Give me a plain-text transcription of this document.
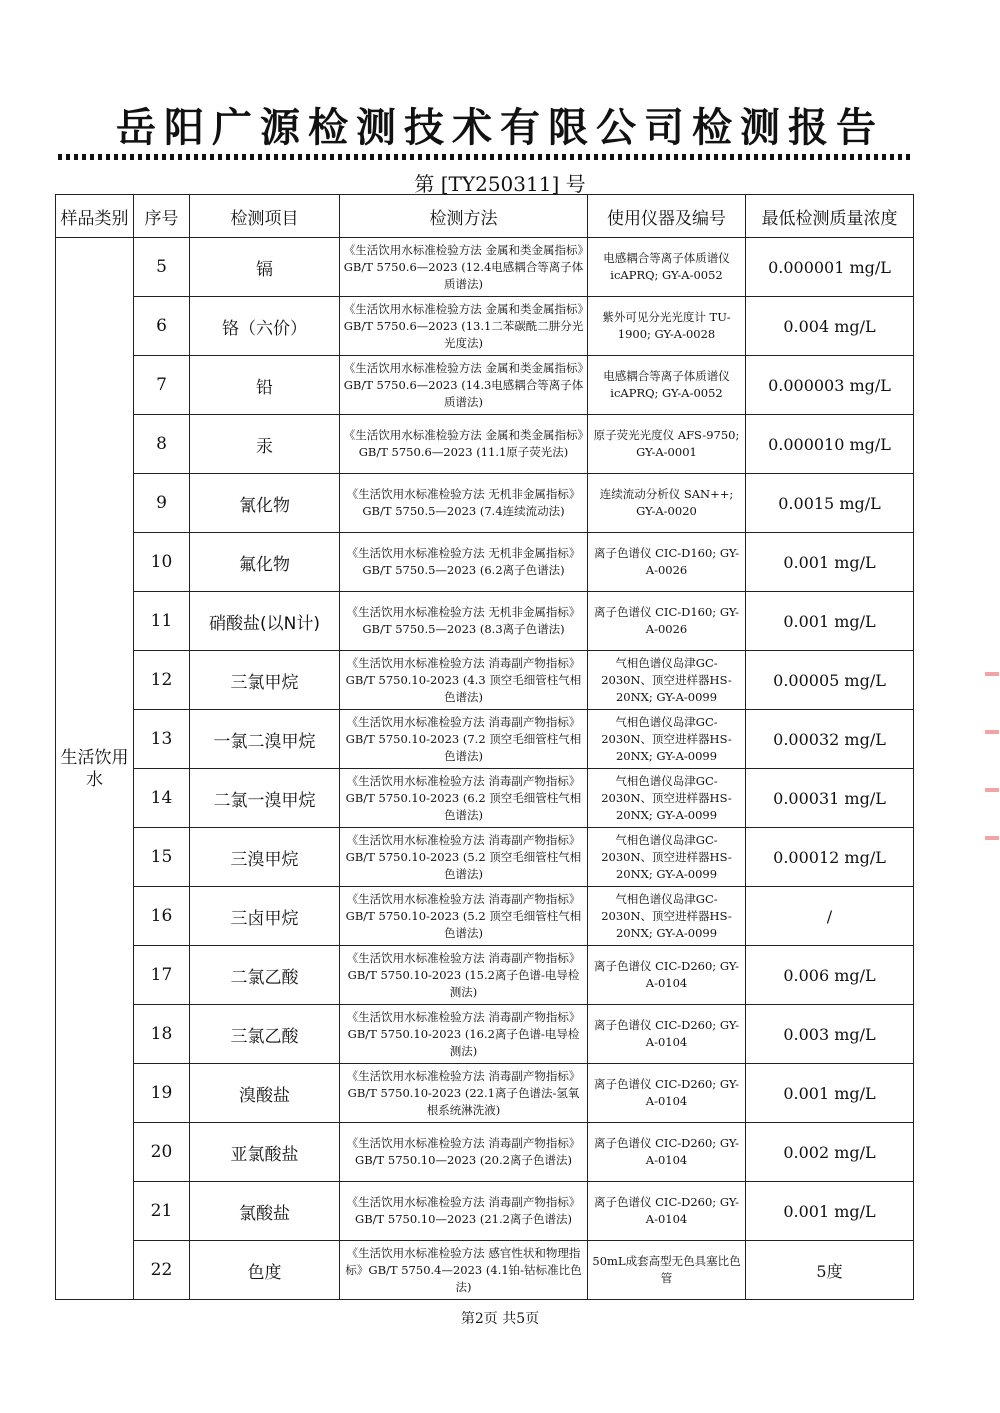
岳阳广源检测技术有限公司检测报告
第 [TY250311] 号
样品类别	序号	检测项目	检测方法	使用仪器及编号	最低检测质量浓度
生活饮用水	5	镉	《生活饮用水标准检验方法 金属和类金属指标》GB/T 5750.6—2023 (12.4电感耦合等离子体质谱法)	电感耦合等离子体质谱仪icAPRQ; GY-A-0052	0.000001 mg/L
	6	铬（六价）	《生活饮用水标准检验方法 金属和类金属指标》GB/T 5750.6—2023 (13.1二苯碳酰二肼分光光度法)	紫外可见分光光度计 TU-1900; GY-A-0028	0.004 mg/L
	7	铅	《生活饮用水标准检验方法 金属和类金属指标》GB/T 5750.6—2023 (14.3电感耦合等离子体质谱法)	电感耦合等离子体质谱仪icAPRQ; GY-A-0052	0.000003 mg/L
	8	汞	《生活饮用水标准检验方法 金属和类金属指标》GB/T 5750.6—2023 (11.1原子荧光法)	原子荧光光度仪 AFS-9750; GY-A-0001	0.000010 mg/L
	9	氰化物	《生活饮用水标准检验方法 无机非金属指标》GB/T 5750.5—2023 (7.4连续流动法)	连续流动分析仪 SAN++; GY-A-0020	0.0015 mg/L
	10	氟化物	《生活饮用水标准检验方法 无机非金属指标》GB/T 5750.5—2023 (6.2离子色谱法)	离子色谱仪 CIC-D160; GY-A-0026	0.001 mg/L
	11	硝酸盐(以N计)	《生活饮用水标准检验方法 无机非金属指标》GB/T 5750.5—2023 (8.3离子色谱法)	离子色谱仪 CIC-D160; GY-A-0026	0.001 mg/L
	12	三氯甲烷	《生活饮用水标准检验方法 消毒副产物指标》GB/T 5750.10-2023 (4.3 顶空毛细管柱气相色谱法)	气相色谱仪岛津GC-2030N、顶空进样器HS-20NX; GY-A-0099	0.00005 mg/L
	13	一氯二溴甲烷	《生活饮用水标准检验方法 消毒副产物指标》GB/T 5750.10-2023 (7.2 顶空毛细管柱气相色谱法)	气相色谱仪岛津GC-2030N、顶空进样器HS-20NX; GY-A-0099	0.00032 mg/L
	14	二氯一溴甲烷	《生活饮用水标准检验方法 消毒副产物指标》GB/T 5750.10-2023 (6.2 顶空毛细管柱气相色谱法)	气相色谱仪岛津GC-2030N、顶空进样器HS-20NX; GY-A-0099	0.00031 mg/L
	15	三溴甲烷	《生活饮用水标准检验方法 消毒副产物指标》GB/T 5750.10-2023 (5.2 顶空毛细管柱气相色谱法)	气相色谱仪岛津GC-2030N、顶空进样器HS-20NX; GY-A-0099	0.00012 mg/L
	16	三卤甲烷	《生活饮用水标准检验方法 消毒副产物指标》GB/T 5750.10-2023 (5.2 顶空毛细管柱气相色谱法)	气相色谱仪岛津GC-2030N、顶空进样器HS-20NX; GY-A-0099	/
	17	二氯乙酸	《生活饮用水标准检验方法 消毒副产物指标》GB/T 5750.10-2023 (15.2离子色谱-电导检测法)	离子色谱仪 CIC-D260; GY-A-0104	0.006 mg/L
	18	三氯乙酸	《生活饮用水标准检验方法 消毒副产物指标》GB/T 5750.10-2023 (16.2离子色谱-电导检测法)	离子色谱仪 CIC-D260; GY-A-0104	0.003 mg/L
	19	溴酸盐	《生活饮用水标准检验方法 消毒副产物指标》GB/T 5750.10-2023 (22.1离子色谱法-氢氧根系统淋洗液)	离子色谱仪 CIC-D260; GY-A-0104	0.001 mg/L
	20	亚氯酸盐	《生活饮用水标准检验方法 消毒副产物指标》GB/T 5750.10—2023 (20.2离子色谱法)	离子色谱仪 CIC-D260; GY-A-0104	0.002 mg/L
	21	氯酸盐	《生活饮用水标准检验方法 消毒副产物指标》GB/T 5750.10—2023 (21.2离子色谱法)	离子色谱仪 CIC-D260; GY-A-0104	0.001 mg/L
	22	色度	《生活饮用水标准检验方法 感官性状和物理指标》GB/T 5750.4—2023 (4.1铂-钴标准比色法)	50mL成套高型无色具塞比色管	5度
第2页 共5页
